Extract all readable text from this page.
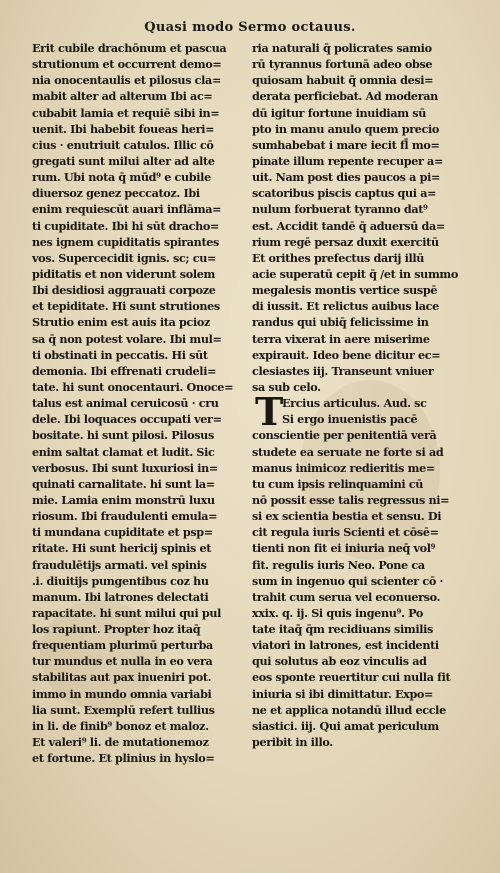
Quasi modo Sermo octauus.
Erit cubile drachōnum et pascua
strutionum et occurrent demo=
nia onocentaulis et pilosus cla=
mabit alter ad alterum Ibi ac=
cubabit lamia et requiē sibi in=
uenit. Ibi habebit foueas heri=
cius · enutriuit catulos. Illic cō
gregati sunt milui alter ad alte
rum. Ubi nota q̄ mūd⁹ e cubile
diuersoz genez peccatoz. Ibi
enim requiescūt auari inflāma=
ti cupiditate. Ibi hi sūt dracho=
nes ignem cupiditatis spirantes
vos. Supercecidit ignis. sc; cu=
piditatis et non viderunt solem
Ibi desidiosi aggrauati corpoze
et tepiditate. Hi sunt strutiones
Strutio enim est auis ita pcioz
sa q̄ non potest volare. Ibi mul=
ti obstinati in peccatis. Hi sūt
demonia. Ibi effrenati crudeli=
tate. hi sunt onocentauri. Onoce=
talus est animal ceruicosū · cru
dele. Ibi loquaces occupati ver=
bositate. hi sunt pilosi. Pilosus
enim saltat clamat et ludit. Sic
verbosus. Ibi sunt luxuriosi in=
quinati carnalitate. hi sunt la=
mie. Lamia enim monstrū luxu
riosum. Ibi fraudulenti emula=
ti mundana cupiditate et psp=
ritate. Hi sunt hericij spinis et
fraudulētijs armati. vel spinis
.i. diuitijs pungentibus coz hu
manum. Ibi latrones delectati
rapacitate. hi sunt milui qui pul
los rapiunt. Propter hoz itaq̄
frequentiam plurimū perturba
tur mundus et nulla in eo vera
stabilitas aut pax inueniri pot.
immo in mundo omnia variabi
lia sunt. Exemplū refert tullius
in li. de finib⁹ bonoz et maloz.
Et valeri⁹ li. de mutationemoz
et fortune. Et plinius in hyslo=
ria naturali q̄ policrates samio
rū tyrannus fortunā adeo obse
quiosam habuit q̄ omnia desi=
derata perficiebat. Ad moderan
dū igitur fortune inuidiam sū
pto in manu anulo quem precio
sumhabebat i mare iecit fl̄ mo=
pinate illum repente recuper a=
uit. Nam post dies paucos a pi=
scatoribus piscis captus qui a=
nulum forbuerat tyranno dat⁹
est. Accidit tandē q̄ aduersū da=
rium regē persaz duxit exercitū
Et orithes prefectus darij illū
acie superatū cepit q̄ /et in summo
megalesis montis vertice suspē
di iussit. Et relictus auibus lace
randus qui ubiq̄ felicissime in
terra vixerat in aere miserime
expirauit. Ideo bene dicitur ec=
clesiastes iij. Transeunt vniuer
sa sub celo.
Ercius articulus. Aud. sc
Si ergo inuenistis pacē
conscientie per penitentiā verā
studete ea seruate ne forte si ad
manus inimicoz redieritis me=
tu cum ipsis relinquamini cū
nō possit esse talis regressus ni=
si ex scientia bestia et sensu. Di
cit regula iuris Scienti et cōsē=
tienti non fit ei iniuria neq̄ vol⁹
fit. regulis iuris Neo. Pone ca
sum in ingenuo qui scienter cō ·
trahit cum serua vel econuerso.
xxix. q. ij. Si quis ingenu⁹. Po
tate itaq̄ q̄m recidiuans similis
viatori in latrones‚ est incidenti
qui solutus ab eoz vinculis ad
eos sponte reuertitur cui nulla fit
iniuria si ibi dimittatur. Expo=
ne et applica notandū illud eccle
siastici. iij. Qui amat periculum
peribit in illo.
T
